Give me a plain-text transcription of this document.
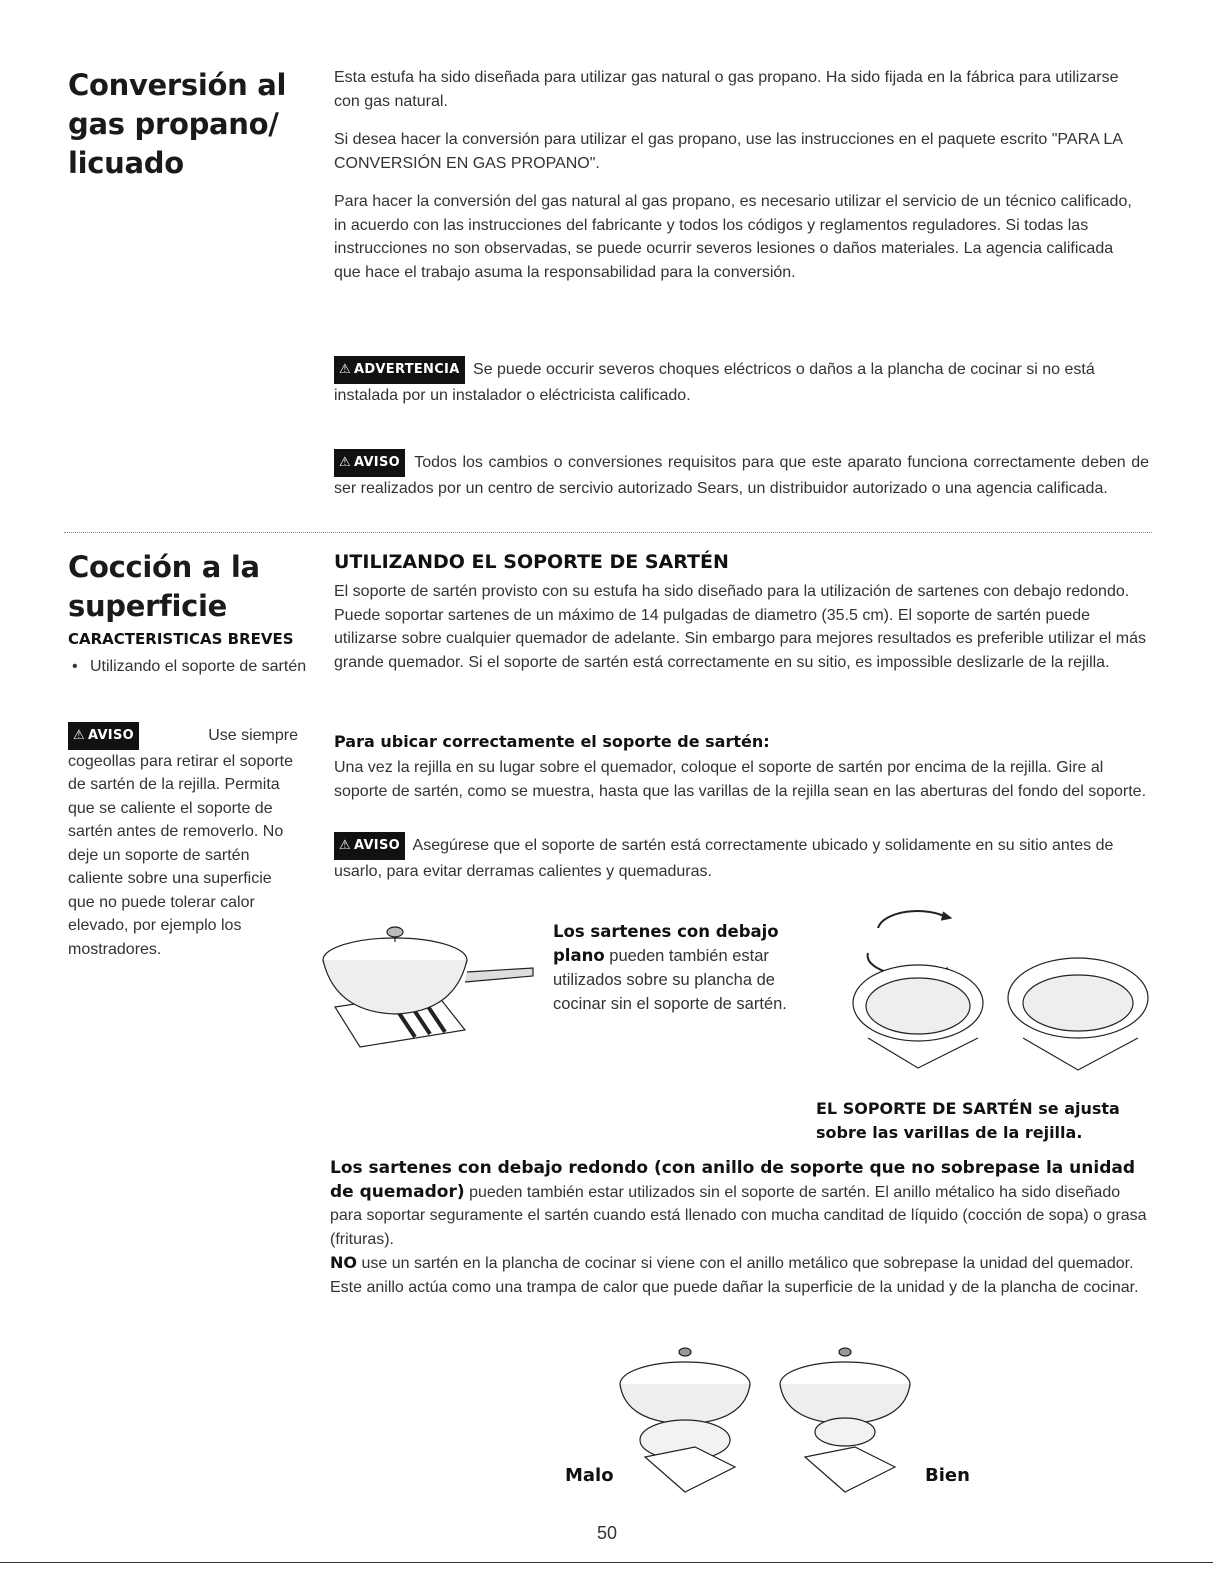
Conversión al
gas propano/
licuado

Esta estufa ha sido diseñada para utilizar gas natural o gas propano. Ha sido fijada en la fábrica para utilizarse con gas natural.

Si desea hacer la conversión para utilizar el gas propano, use las instrucciones en el paquete escrito "PARA LA CONVERSIÓN EN GAS PROPANO".

Para hacer la conversión del gas natural al gas propano, es necesario utilizar el servicio de un técnico calificado, in acuerdo con las instrucciones del fabricante y todos los códigos y reglamentos reguladores. Si todas las instrucciones no son observadas, se puede ocurrir severos lesiones o daños materiales. La agencia calificada que hace el trabajo asuma la responsabilidad para la conversión.

⚠ ADVERTENCIA Se puede occurir severos choques eléctricos o daños a la plancha de cocinar si no está instalada por un instalador o eléctricista calificado.
⚠ AVISO Todos los cambios o conversiones requisitos para que este aparato funciona correctamente deben de ser realizados por un centro de sercivio autorizado Sears, un distribuidor autorizado o una agencia calificada.
Cocción a la
superficie
CARACTERISTICAS BREVES
• Utilizando el soporte de sartén
⚠ AVISO	Use siempre
cogeollas para retirar el soporte de sartén de la rejilla. Permita que se caliente el soporte de sartén antes de removerlo. No deje un soporte de sartén caliente sobre una superficie que no puede tolerar calor elevado, por ejemplo los mostradores.
UTILIZANDO EL SOPORTE DE SARTÉN

El soporte de sartén provisto con su estufa ha sido diseñado para la utilización de sartenes con debajo redondo. Puede soportar sartenes de un máximo de 14 pulgadas de diametro (35.5 cm). El soporte de sartén puede utilizarse sobre cualquier quemador de adelante. Sin embargo para mejores resultados es preferible utilizar el más grande quemador. Si el soporte de sartén está correctamente en su sitio, es impossible deslizarle de la rejilla.

Para ubicar correctamente el soporte de sartén:

Una vez la rejilla en su lugar sobre el quemador, coloque el soporte de sartén por encima de la rejilla. Gire al soporte de sartén, como se muestra, hasta que las varillas de la rejilla sean en las aberturas del fondo del soporte.

⚠ AVISO Asegúrese que el soporte de sartén está correctamente ubicado y solidamente en su sitio antes de usarlo, para evitar derramas calientes y quemaduras.
Los sartenes con debajo plano pueden también estar utilizados sobre su plancha de cocinar sin el soporte de sartén.
EL SOPORTE DE SARTÉN se ajusta sobre las varillas de la rejilla.

Los sartenes con debajo redondo (con anillo de soporte que no sobrepase la unidad de quemador) pueden también estar utilizados sin el soporte de sartén. El anillo métalico ha sido diseñado para soportar seguramente el sartén cuando está llenado con mucha canditad de líquido (cocción de sopa) o grasa (frituras).

NO use un sartén en la plancha de cocinar si viene con el anillo metálico que sobrepase la unidad del quemador. Este anillo actúa como una trampa de calor que puede dañar la superficie de la unidad y de la plancha de cocinar.

Malo	Bien
50
